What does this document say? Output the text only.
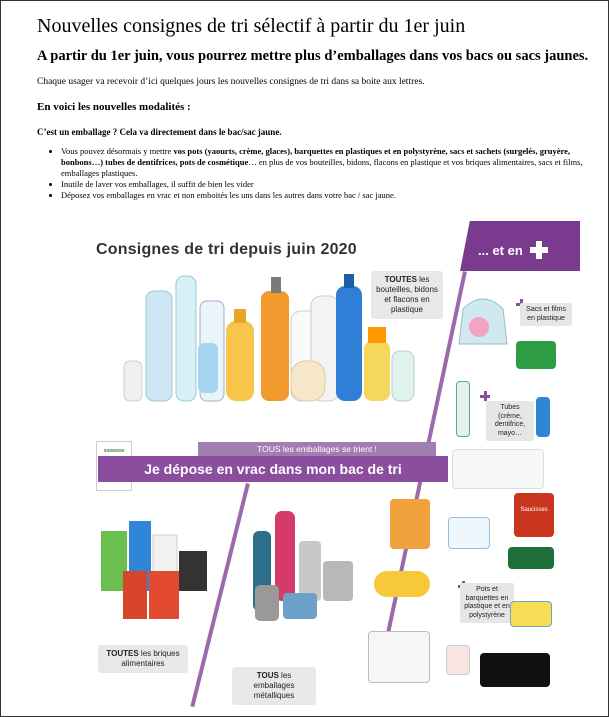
Nouvelles consignes de tri sélectif à partir du 1er juin
A partir du 1er juin, vous pourrez mettre plus d’emballages dans vos bacs ou sacs jaunes.

Chaque usager va recevoir d’ici quelques jours les nouvelles consignes de tri dans sa boite aux lettres.

En voici les nouvelles modalités :

C’est un emballage ? Cela va directement dans le bac/sac jaune.

• Vous pouvez désormais y mettre vos pots (yaourts, crème, glaces), barquettes en plastiques et en polystyrène, sacs et sachets (surgelés, gruyère, bonbons…) tubes de dentifrices, pots de cosmétique… en plus de vos bouteilles, bidons, flacons en plastique et vos briques alimentaires, sacs et films, emballages plastiques.
• Inutile de laver vos emballages, il suffit de bien les vider
• Déposez vos emballages en vrac et non emboités les uns dans les autres dans votre bac / sac jaune.
Consignes de tri depuis juin 2020
TOUTES les bouteilles, bidons et flacons en plastique
... et en
SIDMODE	TOUS les emballages se trient !
Je dépose en vrac dans mon bac de tri
Sacs et films en plastique
Tubes (crème, dentifrice, mayo…
Saucisses
Pots et barquettes en plastique et en polystyrène
TOUTES les briques alimentaires
TOUS les emballages métalliques
